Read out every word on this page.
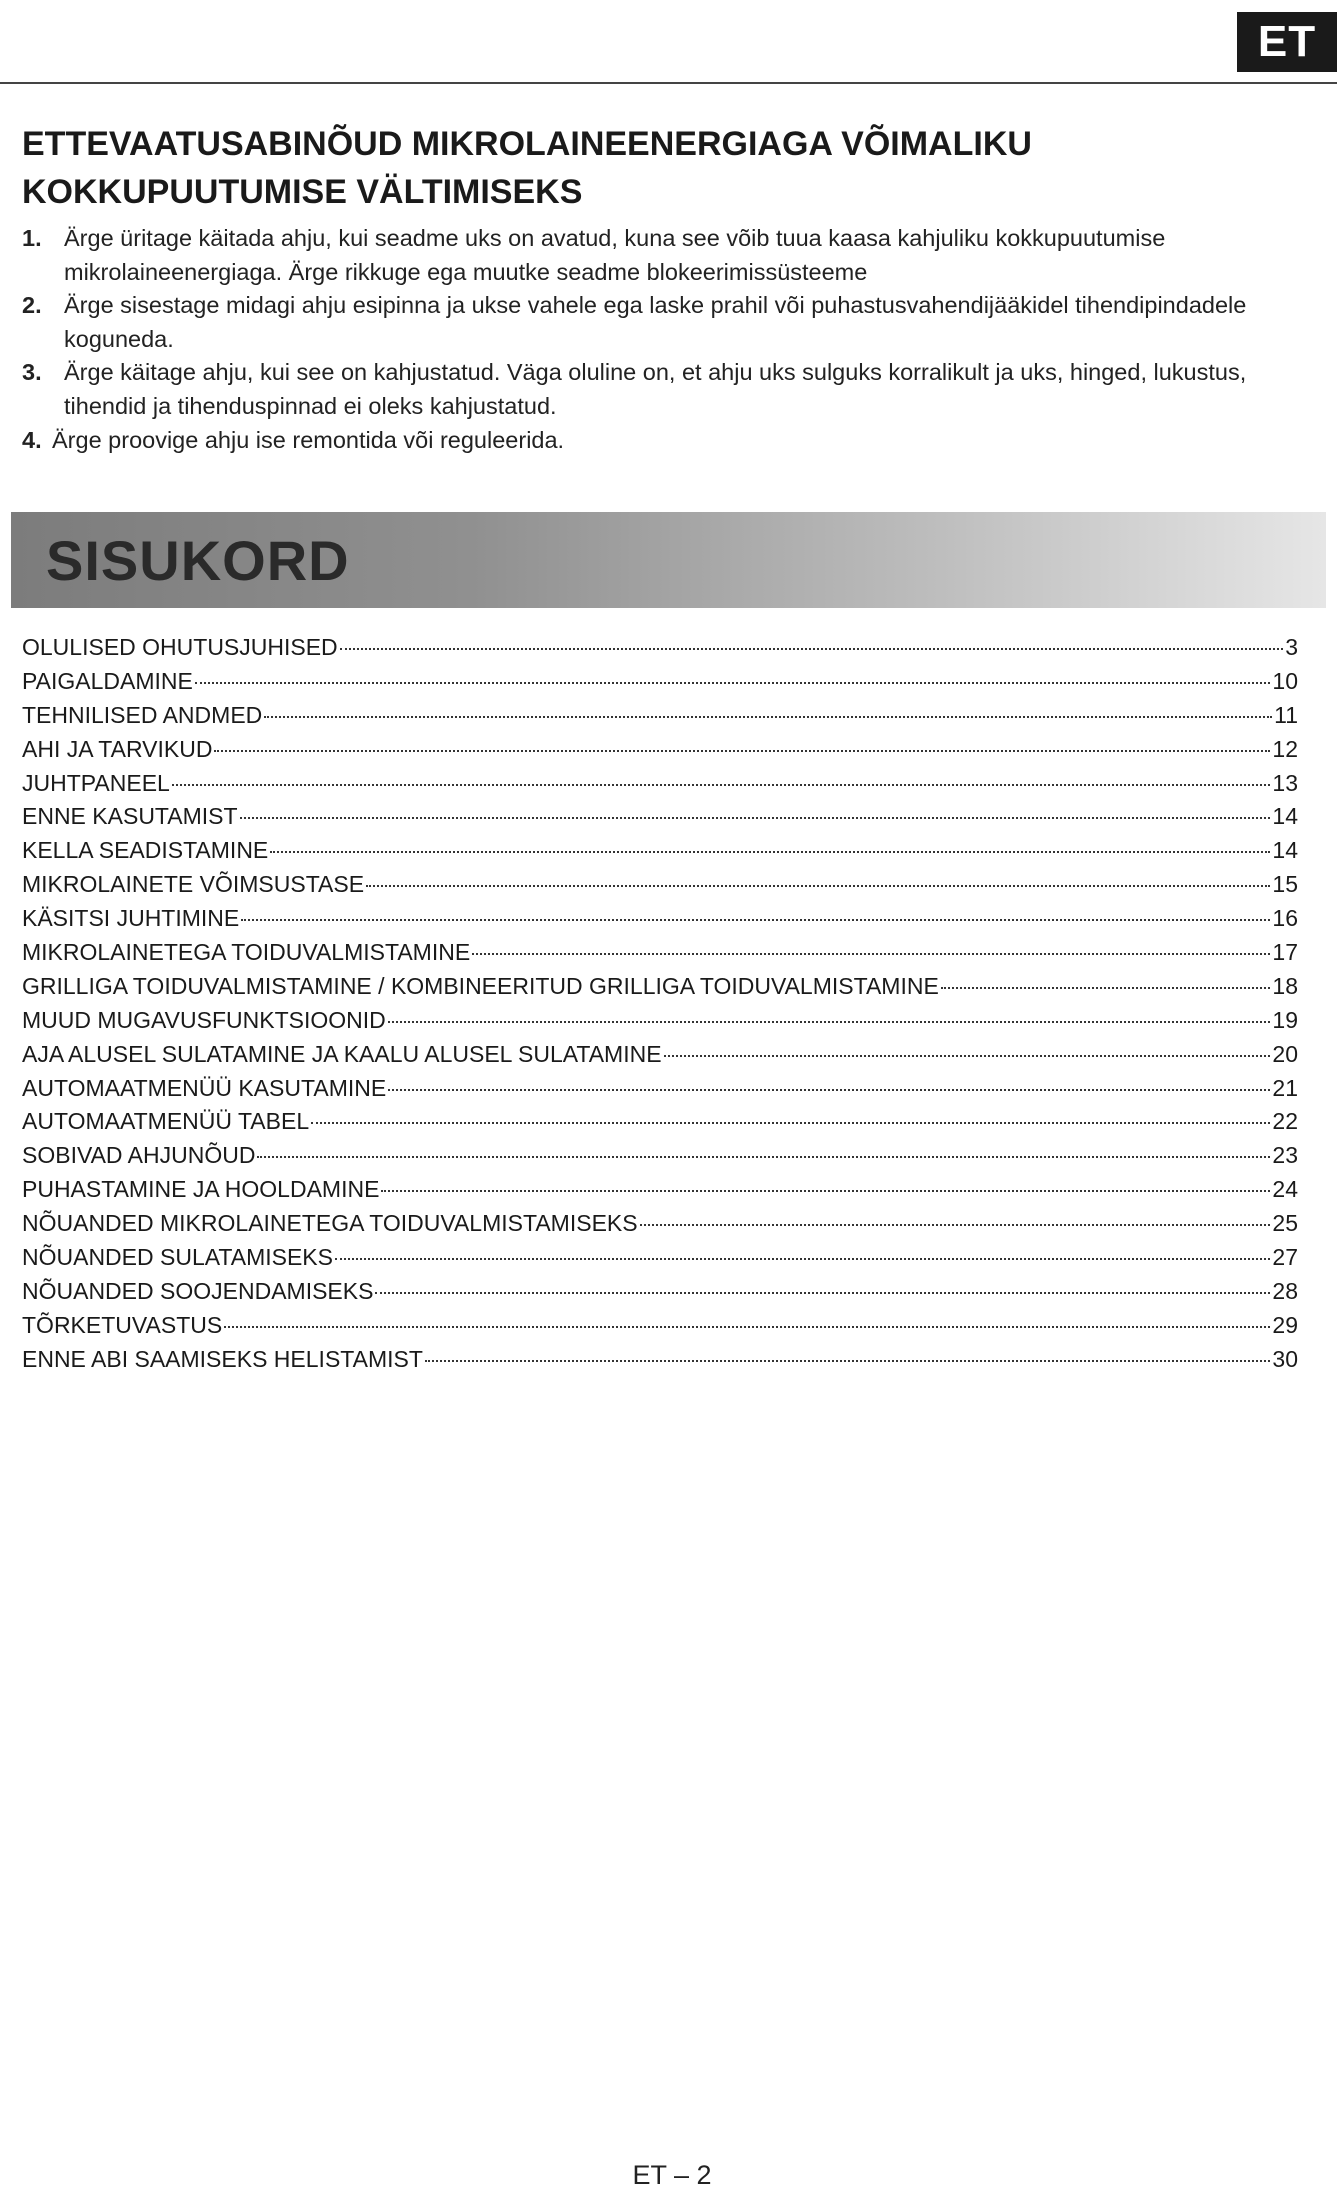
ET
ETTEVAATUSABINÕUD MIKROLAINEENERGIAGA VÕIMALIKU KOKKUPUUTUMISE VÄLTIMISEKS
1. Ärge üritage käitada ahju, kui seadme uks on avatud, kuna see võib tuua kaasa kahjuliku kokkupuutumise mikrolaineenergiaga. Ärge rikkuge ega muutke seadme blokeerimissüsteeme
2. Ärge sisestage midagi ahju esipinna ja ukse vahele ega laske prahil või puhastusvahendijääkidel tihendipindadele koguneda.
3. Ärge käitage ahju, kui see on kahjustatud. Väga oluline on, et ahju uks sulguks korralikult ja uks, hinged, lukustus, tihendid ja tihenduspinnad ei oleks kahjustatud.
4. Ärge proovige ahju ise remontida või reguleerida.
SISUKORD
OLULISED OHUTUSJUHISED	3
PAIGALDAMINE	10
TEHNILISED ANDMED	11
AHI JA TARVIKUD	12
JUHTPANEEL	13
ENNE KASUTAMIST	14
KELLA SEADISTAMINE	14
MIKROLAINETE VÕIMSUSTASE	15
KÄSITSI JUHTIMINE	16
MIKROLAINETEGA TOIDUVALMISTAMINE	17
GRILLIGA TOIDUVALMISTAMINE / KOMBINEERITUD GRILLIGA TOIDUVALMISTAMINE	18
MUUD MUGAVUSFUNKTSIOONID	19
AJA ALUSEL SULATAMINE JA KAALU ALUSEL SULATAMINE	20
AUTOMAATMENÜÜ KASUTAMINE	21
AUTOMAATMENÜÜ TABEL	22
SOBIVAD AHJUNÕUD	23
PUHASTAMINE JA HOOLDAMINE	24
NÕUANDED MIKROLAINETEGA TOIDUVALMISTAMISEKS	25
NÕUANDED SULATAMISEKS	27
NÕUANDED SOOJENDAMISEKS	28
TÕRKETUVASTUS	29
ENNE ABI SAAMISEKS HELISTAMIST	30
ET – 2
